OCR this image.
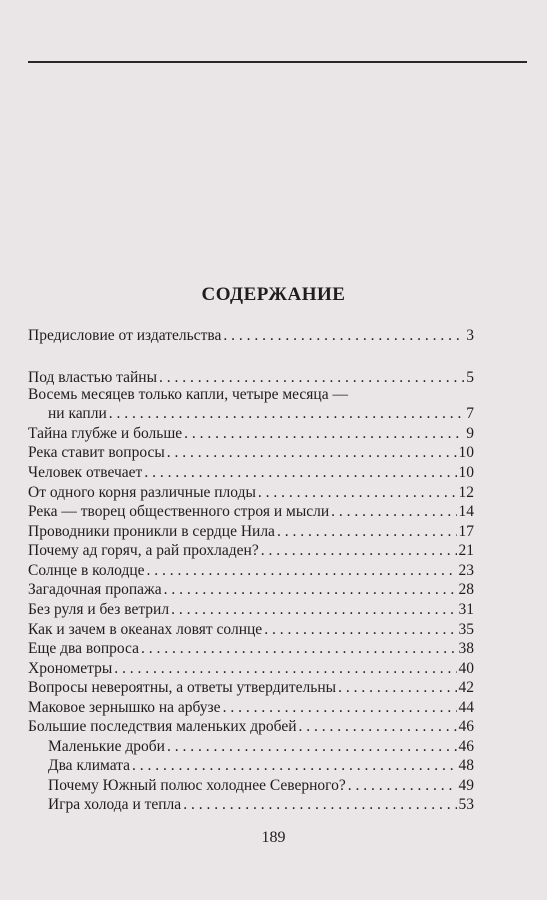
СОДЕРЖАНИЕ
Предисловие от издательства . . .	3
Под властью тайны . . .	5
Восемь месяцев только капли, четыре месяца —
ни капли . . .	7
Тайна глубже и больше . . .	9
Река ставит вопросы . . .	10
Человек отвечает . . .	10
От одного корня различные плоды . . .	12
Река — творец общественного строя и мысли . . .	14
Проводники проникли в сердце Нила . . .	17
Почему ад горяч, а рай прохладен? . . .	21
Солнце в колодце . . .	23
Загадочная пропажа . . .	28
Без руля и без ветрил . . .	31
Как и зачем в океанах ловят солнце . . .	35
Еще два вопроса . . .	38
Хронометры . . .	40
Вопросы невероятны, а ответы утвердительны . . .	42
Маковое зернышко на арбузе . . .	44
Большие последствия маленьких дробей . . .	46
Маленькие дроби . . .	46
Два климата . . .	48
Почему Южный полюс холоднее Северного? . . .	49
Игра холода и тепла . . .	53
189
